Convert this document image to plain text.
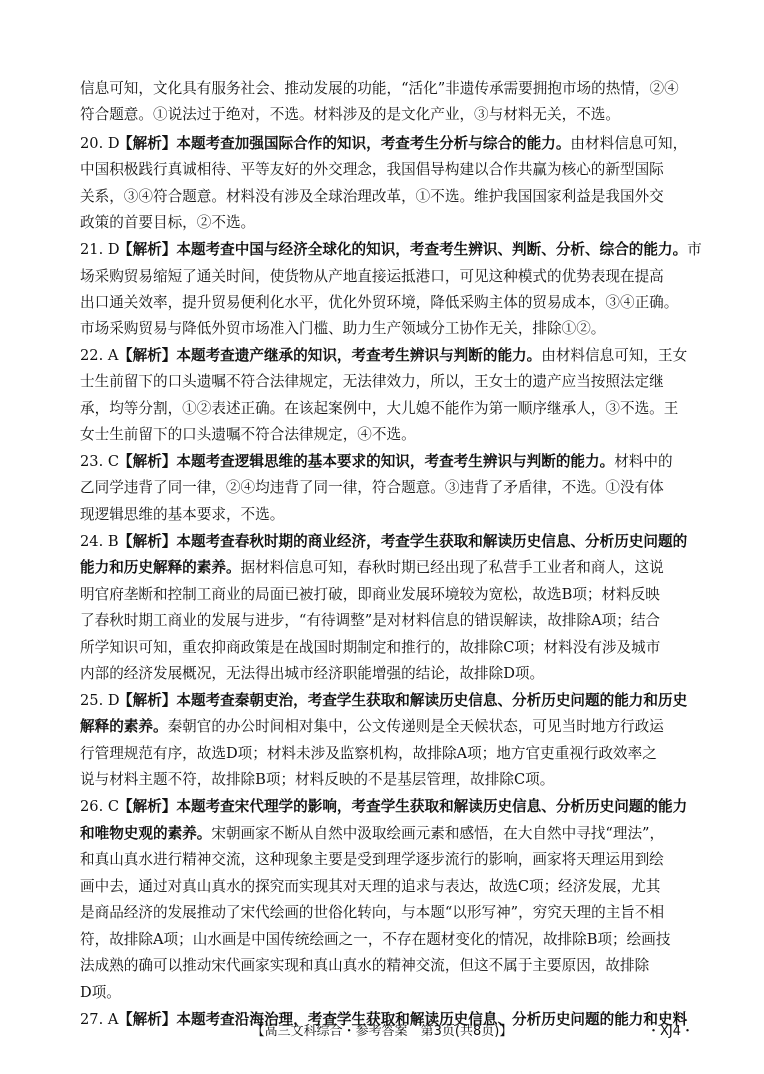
信息可知，文化具有服务社会、推动发展的功能，“活化”非遗传承需要拥抱市场的热情，②④
符合题意。①说法过于绝对，不选。材料涉及的是文化产业，③与材料无关，不选。
20. D【解析】本题考查加强国际合作的知识，考查考生分析与综合的能力。由材料信息可知，
中国积极践行真诚相待、平等友好的外交理念，我国倡导构建以合作共赢为核心的新型国际
关系，③④符合题意。材料没有涉及全球治理改革，①不选。维护我国国家利益是我国外交
政策的首要目标，②不选。
21. D【解析】本题考查中国与经济全球化的知识，考查考生辨识、判断、分析、综合的能力。市
场采购贸易缩短了通关时间，使货物从产地直接运抵港口，可见这种模式的优势表现在提高
出口通关效率，提升贸易便利化水平，优化外贸环境，降低采购主体的贸易成本，③④正确。
市场采购贸易与降低外贸市场准入门槛、助力生产领域分工协作无关，排除①②。
22. A【解析】本题考查遗产继承的知识，考查考生辨识与判断的能力。由材料信息可知，王女
士生前留下的口头遗嘱不符合法律规定，无法律效力，所以，王女士的遗产应当按照法定继
承，均等分割，①②表述正确。在该起案例中，大儿媳不能作为第一顺序继承人，③不选。王
女士生前留下的口头遗嘱不符合法律规定，④不选。
23. C【解析】本题考查逻辑思维的基本要求的知识，考查考生辨识与判断的能力。材料中的
乙同学违背了同一律，②④均违背了同一律，符合题意。③违背了矛盾律，不选。①没有体
现逻辑思维的基本要求，不选。
24. B【解析】本题考查春秋时期的商业经济，考查学生获取和解读历史信息、分析历史问题的
能力和历史解释的素养。据材料信息可知，春秋时期已经出现了私营手工业者和商人，这说
明官府垄断和控制工商业的局面已被打破，即商业发展环境较为宽松，故选B项；材料反映
了春秋时期工商业的发展与进步，“有待调整”是对材料信息的错误解读，故排除A项；结合
所学知识可知，重农抑商政策是在战国时期制定和推行的，故排除C项；材料没有涉及城市
内部的经济发展概况，无法得出城市经济职能增强的结论，故排除D项。
25. D【解析】本题考查秦朝吏治，考查学生获取和解读历史信息、分析历史问题的能力和历史
解释的素养。秦朝官的办公时间相对集中，公文传递则是全天候状态，可见当时地方行政运
行管理规范有序，故选D项；材料未涉及监察机构，故排除A项；地方官吏重视行政效率之
说与材料主题不符，故排除B项；材料反映的不是基层管理，故排除C项。
26. C【解析】本题考查宋代理学的影响，考查学生获取和解读历史信息、分析历史问题的能力
和唯物史观的素养。宋朝画家不断从自然中汲取绘画元素和感悟，在大自然中寻找“理法”，
和真山真水进行精神交流，这种现象主要是受到理学逐步流行的影响，画家将天理运用到绘
画中去，通过对真山真水的探究而实现其对天理的追求与表达，故选C项；经济发展，尤其
是商品经济的发展推动了宋代绘画的世俗化转向，与本题“以形写神”，穷究天理的主旨不相
符，故排除A项；山水画是中国传统绘画之一，不存在题材变化的情况，故排除B项；绘画技
法成熟的确可以推动宋代画家实现和真山真水的精神交流，但这不属于主要原因，故排除
D项。
27. A【解析】本题考查沿海治理，考查学生获取和解读历史信息、分析历史问题的能力和史料
【高三文科综合・参考答案　第3页(共8页)】	・XJ4・
